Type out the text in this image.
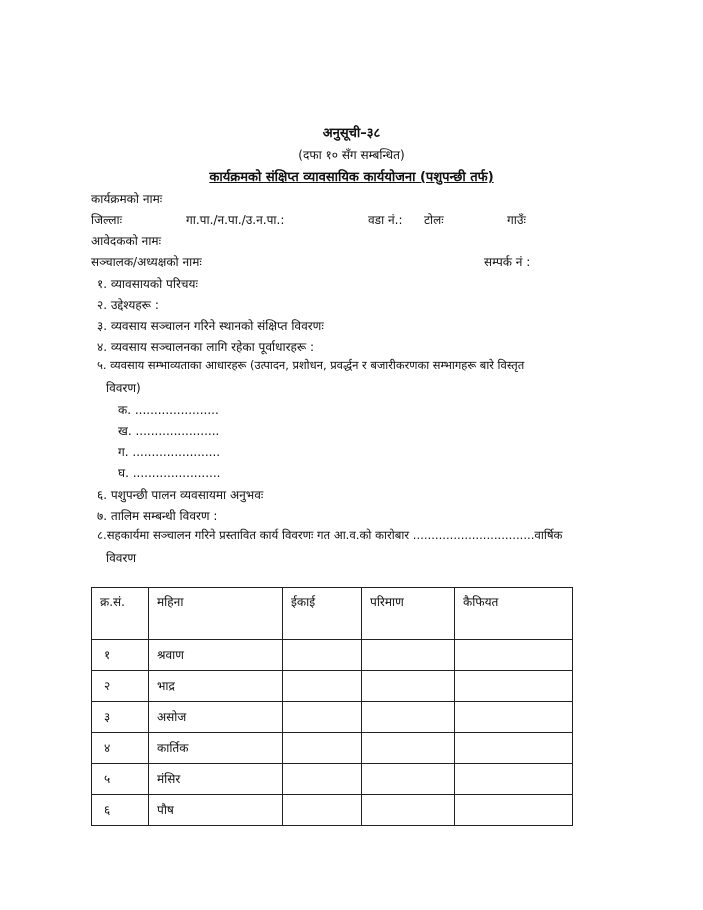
अनुसूची–३८
(दफा १० सँग सम्बन्धित)
कार्यक्रमको संक्षिप्त व्यावसायिक कार्ययोजना (पशुपन्छी तर्फ)
कार्यक्रमको नामः
जिल्लाः	गा.पा./न.पा./उ.न.पा.:	वडा नं.: टोलः	गाउँः
आवेदकको नामः
सञ्चालक/अध्यक्षको नामः	सम्पर्क नं :
१. व्यावसायको परिचयः
२. उद्देश्यहरू :
३. व्यवसाय सञ्चालन गरिने स्थानको संक्षिप्त विवरणः
४. व्यवसाय सञ्चालनका लागि रहेका पूर्वाधारहरू :
५. व्यवसाय सम्भाव्यताका आधारहरू (उत्पादन, प्रशोधन, प्रवर्द्धन र बजारीकरणका सम्भागहरू बारे विस्तृत
विवरण)
क. ......................
ख. ......................
ग. .......................
घ. .......................
६. पशुपन्छी पालन व्यवसायमा अनुभवः
७. तालिम सम्बन्धी विवरण :
८.सहकार्यमा सञ्चालन गरिने प्रस्तावित कार्य विवरणः गत आ.व.को कारोबार .................................वार्षिक
विवरण
क्र.सं.	महिना	ईकाई	परिमाण	कैफियत
१	श्रवाण			
२	भाद्र			
३	असोज			
४	कार्तिक			
५	मंसिर			
६	पौष			
